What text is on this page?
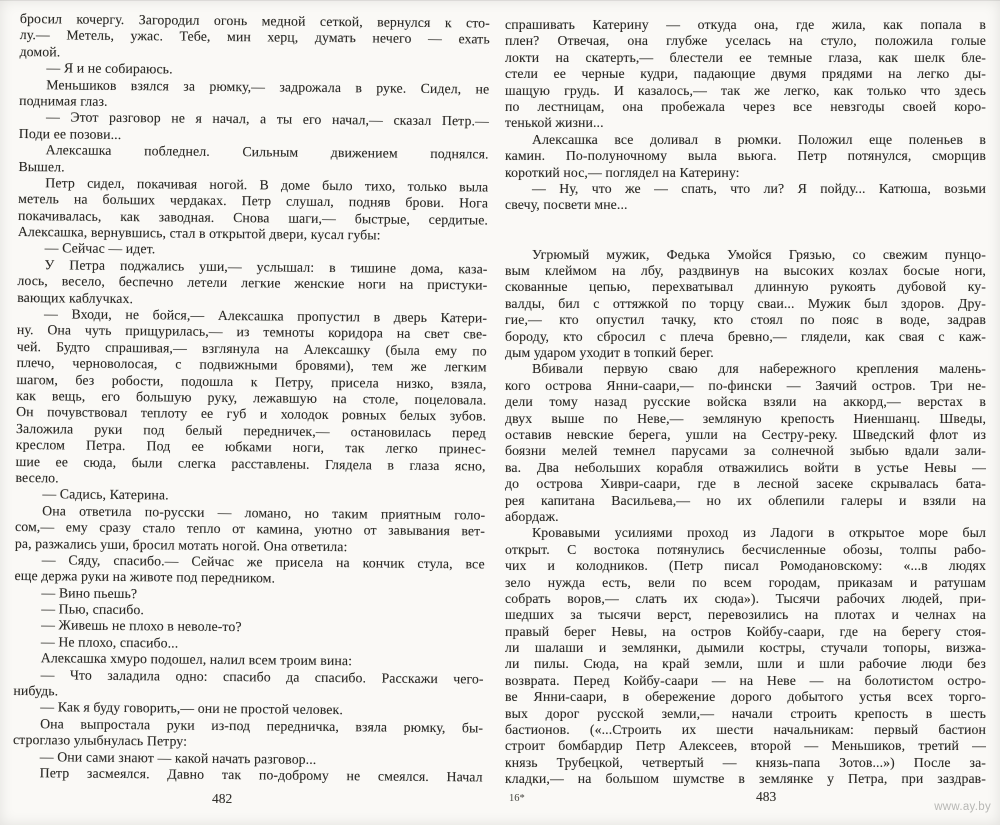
бросил кочергу. Загородил огонь медной сеткой, вернулся к сто-
лу.— Метель, ужас. Тебе, мин херц, думать нечего — ехать
домой.
— Я и не собираюсь.
Меньшиков взялся за рюмку,— задрожала в руке. Сидел, не
поднимая глаз.
— Этот разговор не я начал, а ты его начал,— сказал Петр.—
Поди ее позови...
Алексашка побледнел. Сильным движением поднялся.
Вышел.
Петр сидел, покачивая ногой. В доме было тихо, только выла
метель на больших чердаках. Петр слушал, подняв брови. Нога
покачивалась, как заводная. Снова шаги,— быстрые, сердитые.
Алексашка, вернувшись, стал в открытой двери, кусал губы:
— Сейчас — идет.
У Петра поджались уши,— услышал: в тишине дома, каза-
лось, весело, беспечно летели легкие женские ноги на пристуки-
вающих каблучках.
— Входи, не бойся,— Алексашка пропустил в дверь Катери-
ну. Она чуть прищурилась,— из темноты коридора на свет све-
чей. Будто спрашивая,— взглянула на Алексашку (была ему по
плечо, черноволосая, с подвижными бровями), тем же легким
шагом, без робости, подошла к Петру, присела низко, взяла,
как вещь, его большую руку, лежавшую на столе, поцеловала.
Он почувствовал теплоту ее губ и холодок ровных белых зубов.
Заложила руки под белый передничек,— остановилась перед
креслом Петра. Под ее юбками ноги, так легко принес-
шие ее сюда, были слегка расставлены. Глядела в глаза ясно,
весело.
— Садись, Катерина.
Она ответила по-русски — ломано, но таким приятным голо-
сом,— ему сразу стало тепло от камина, уютно от завывания вет-
ра, разжались уши, бросил мотать ногой. Она ответила:
— Сяду, спасибо.— Сейчас же присела на кончик стула, все
еще держа руки на животе под передником.
— Вино пьешь?
— Пью, спасибо.
— Живешь не плохо в неволе-то?
— Не плохо, спасибо...
Алексашка хмуро подошел, налил всем троим вина:
— Что заладила одно: спасибо да спасибо. Расскажи чего-
нибудь.
— Как я буду говорить,— они не простой человек.
Она выпростала руки из-под передничка, взяла рюмку, бы-
строглазо улыбнулась Петру:
— Они сами знают — какой начать разговор...
Петр засмеялся. Давно так по-доброму не смеялся. Начал
спрашивать Катерину — откуда она, где жила, как попала в
плен? Отвечая, она глубже уселась на стуло, положила голые
локти на скатерть,— блестели ее темные глаза, как шелк бле-
стели ее черные кудри, падающие двумя прядями на легко ды-
шащую грудь. И казалось,— так же легко, как только что здесь
по лестницам, она пробежала через все невзгоды своей коро-
тенькой жизни...
Алексашка все доливал в рюмки. Положил еще поленьев в
камин. По-полуночному выла вьюга. Петр потянулся, сморщив
короткий нос,— поглядел на Катерину:
— Ну, что же — спать, что ли? Я пойду... Катюша, возьми
свечу, посвети мне...
Угрюмый мужик, Федька Умойся Грязью, со свежим пунцо-
вым клеймом на лбу, раздвинув на высоких козлах босые ноги,
скованные цепью, перехватывал длинную рукоять дубовой ку-
валды, бил с оттяжкой по торцу сваи... Мужик был здоров. Дру-
гие,— кто опустил тачку, кто стоял по пояс в воде, задрав
бороду, кто сбросил с плеча бревно,— глядели, как свая с каж-
дым ударом уходит в топкий берег.
Вбивали первую сваю для набережного крепления малень-
кого острова Янни-саари,— по-фински — Заячий остров. Три не-
дели тому назад русские войска взяли на аккорд,— верстах в
двух выше по Неве,— земляную крепость Ниеншанц. Шведы,
оставив невские берега, ушли на Сестру-реку. Шведский флот из
боязни мелей темнел парусами за солнечной зыбью вдали зали-
ва. Два небольших корабля отважились войти в устье Невы —
до острова Хиври-саари, где в лесной засеке скрывалась бата-
рея капитана Васильева,— но их облепили галеры и взяли на
абордаж.
Кровавыми усилиями проход из Ладоги в открытое море был
открыт. С востока потянулись бесчисленные обозы, толпы рабо-
чих и колодников. (Петр писал Ромодановскому: «...в людях
зело нужда есть, вели по всем городам, приказам и ратушам
собрать воров,— слать их сюда»). Тысячи рабочих людей, при-
шедших за тысячи верст, перевозились на плотах и челнах на
правый берег Невы, на остров Койбу-саари, где на берегу стоя-
ли шалаши и землянки, дымили костры, стучали топоры, визжа-
ли пилы. Сюда, на край земли, шли и шли рабочие люди без
возврата. Перед Койбу-саари — на Неве — на болотистом остро-
ве Янни-саари, в обережение дорого добытого устья всех торго-
вых дорог русской земли,— начали строить крепость в шесть
бастионов. («...Строить их шести начальникам: первый бастион
строит бомбардир Петр Алексеев, второй — Меньшиков, третий —
князь Трубецкой, четвертый — князь-папа Зотов...») После за-
кладки,— на большом шумстве в землянке у Петра, при заздрав-
482	16*	483
www.ay.by
